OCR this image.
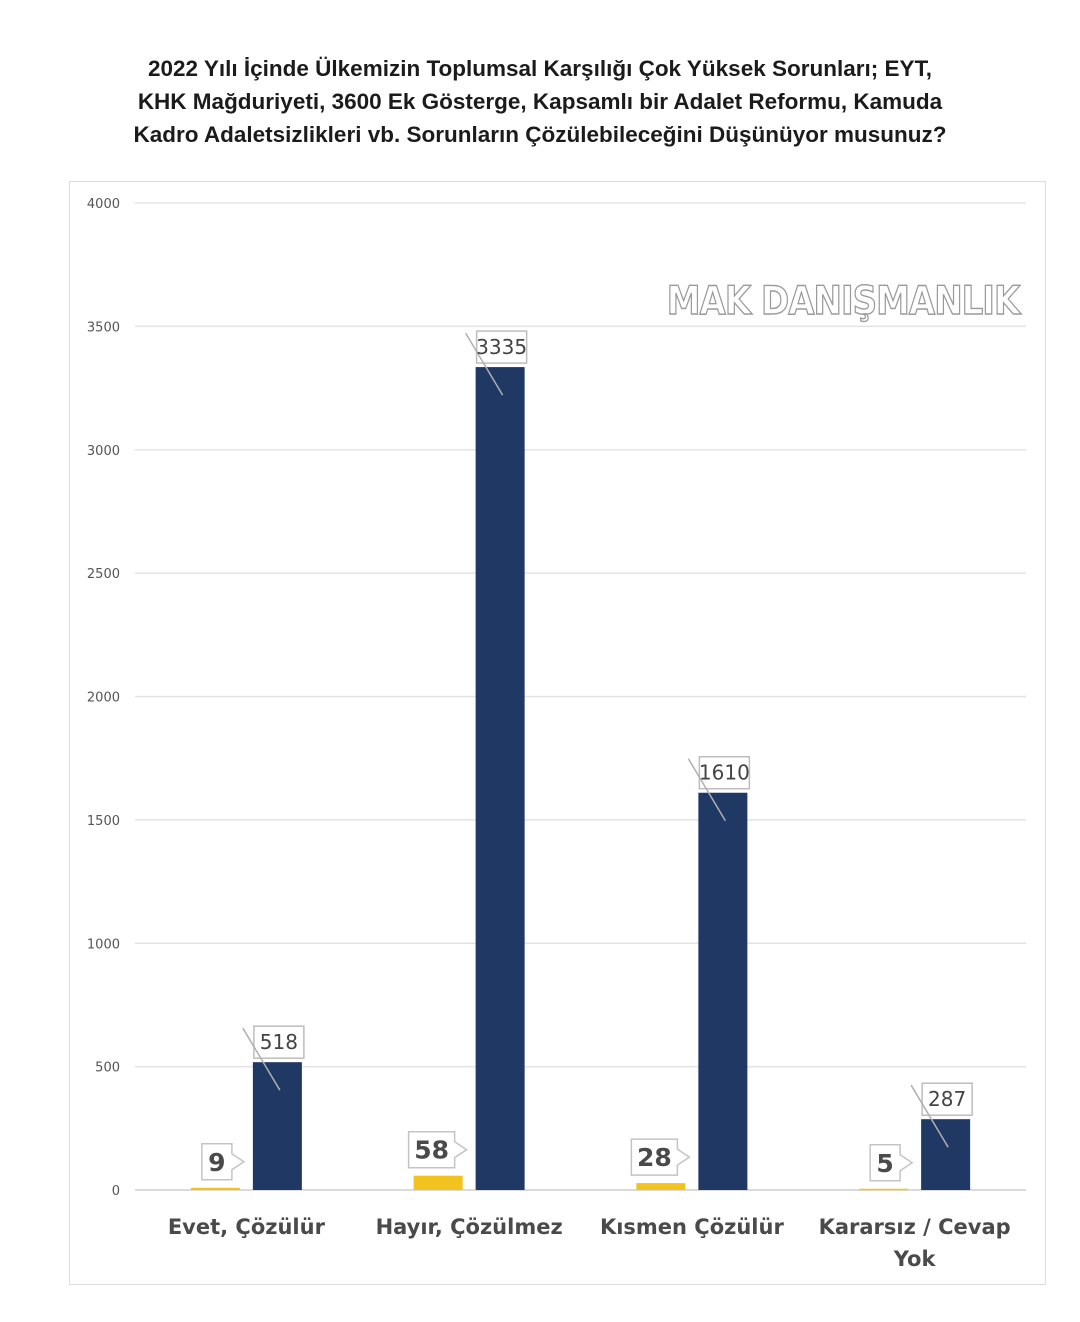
2022 Yılı İçinde Ülkemizin Toplumsal Karşılığı Çok Yüksek Sorunları; EYT,
KHK Mağduriyeti, 3600 Ek Gösterge, Kapsamlı bir Adalet Reformu, Kamuda
Kadro Adaletsizlikleri vb. Sorunların Çözülebileceğini Düşünüyor musunuz?
0
500
1000
1500
2000
2500
3000
3500
4000
MAK DANIŞMANLIK
518
9
Evet, Çözülür
3335
58
Hayır, Çözülmez
1610
28
Kısmen Çözülür
287
5
Kararsız / Cevap
Yok
